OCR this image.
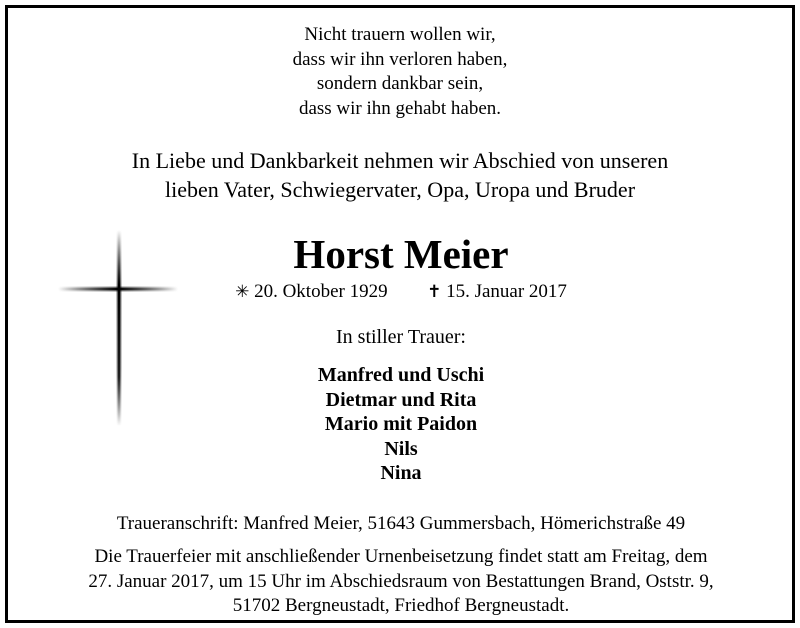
Nicht trauern wollen wir,
dass wir ihn verloren haben,
sondern dankbar sein,
dass wir ihn gehabt haben.
In Liebe und Dankbarkeit nehmen wir Abschied von unseren
lieben Vater, Schwiegervater, Opa, Uropa und Bruder
Horst Meier
✳ 20. Oktober 1929 ✝ 15. Januar 2017
In stiller Trauer:
Manfred und Uschi
Dietmar und Rita
Mario mit Paidon
Nils
Nina
Traueranschrift: Manfred Meier, 51643 Gummersbach, Hömerichstraße 49
Die Trauerfeier mit anschließender Urnenbeisetzung findet statt am Freitag, dem
27. Januar 2017, um 15 Uhr im Abschiedsraum von Bestattungen Brand, Oststr. 9,
51702 Bergneustadt, Friedhof Bergneustadt.
